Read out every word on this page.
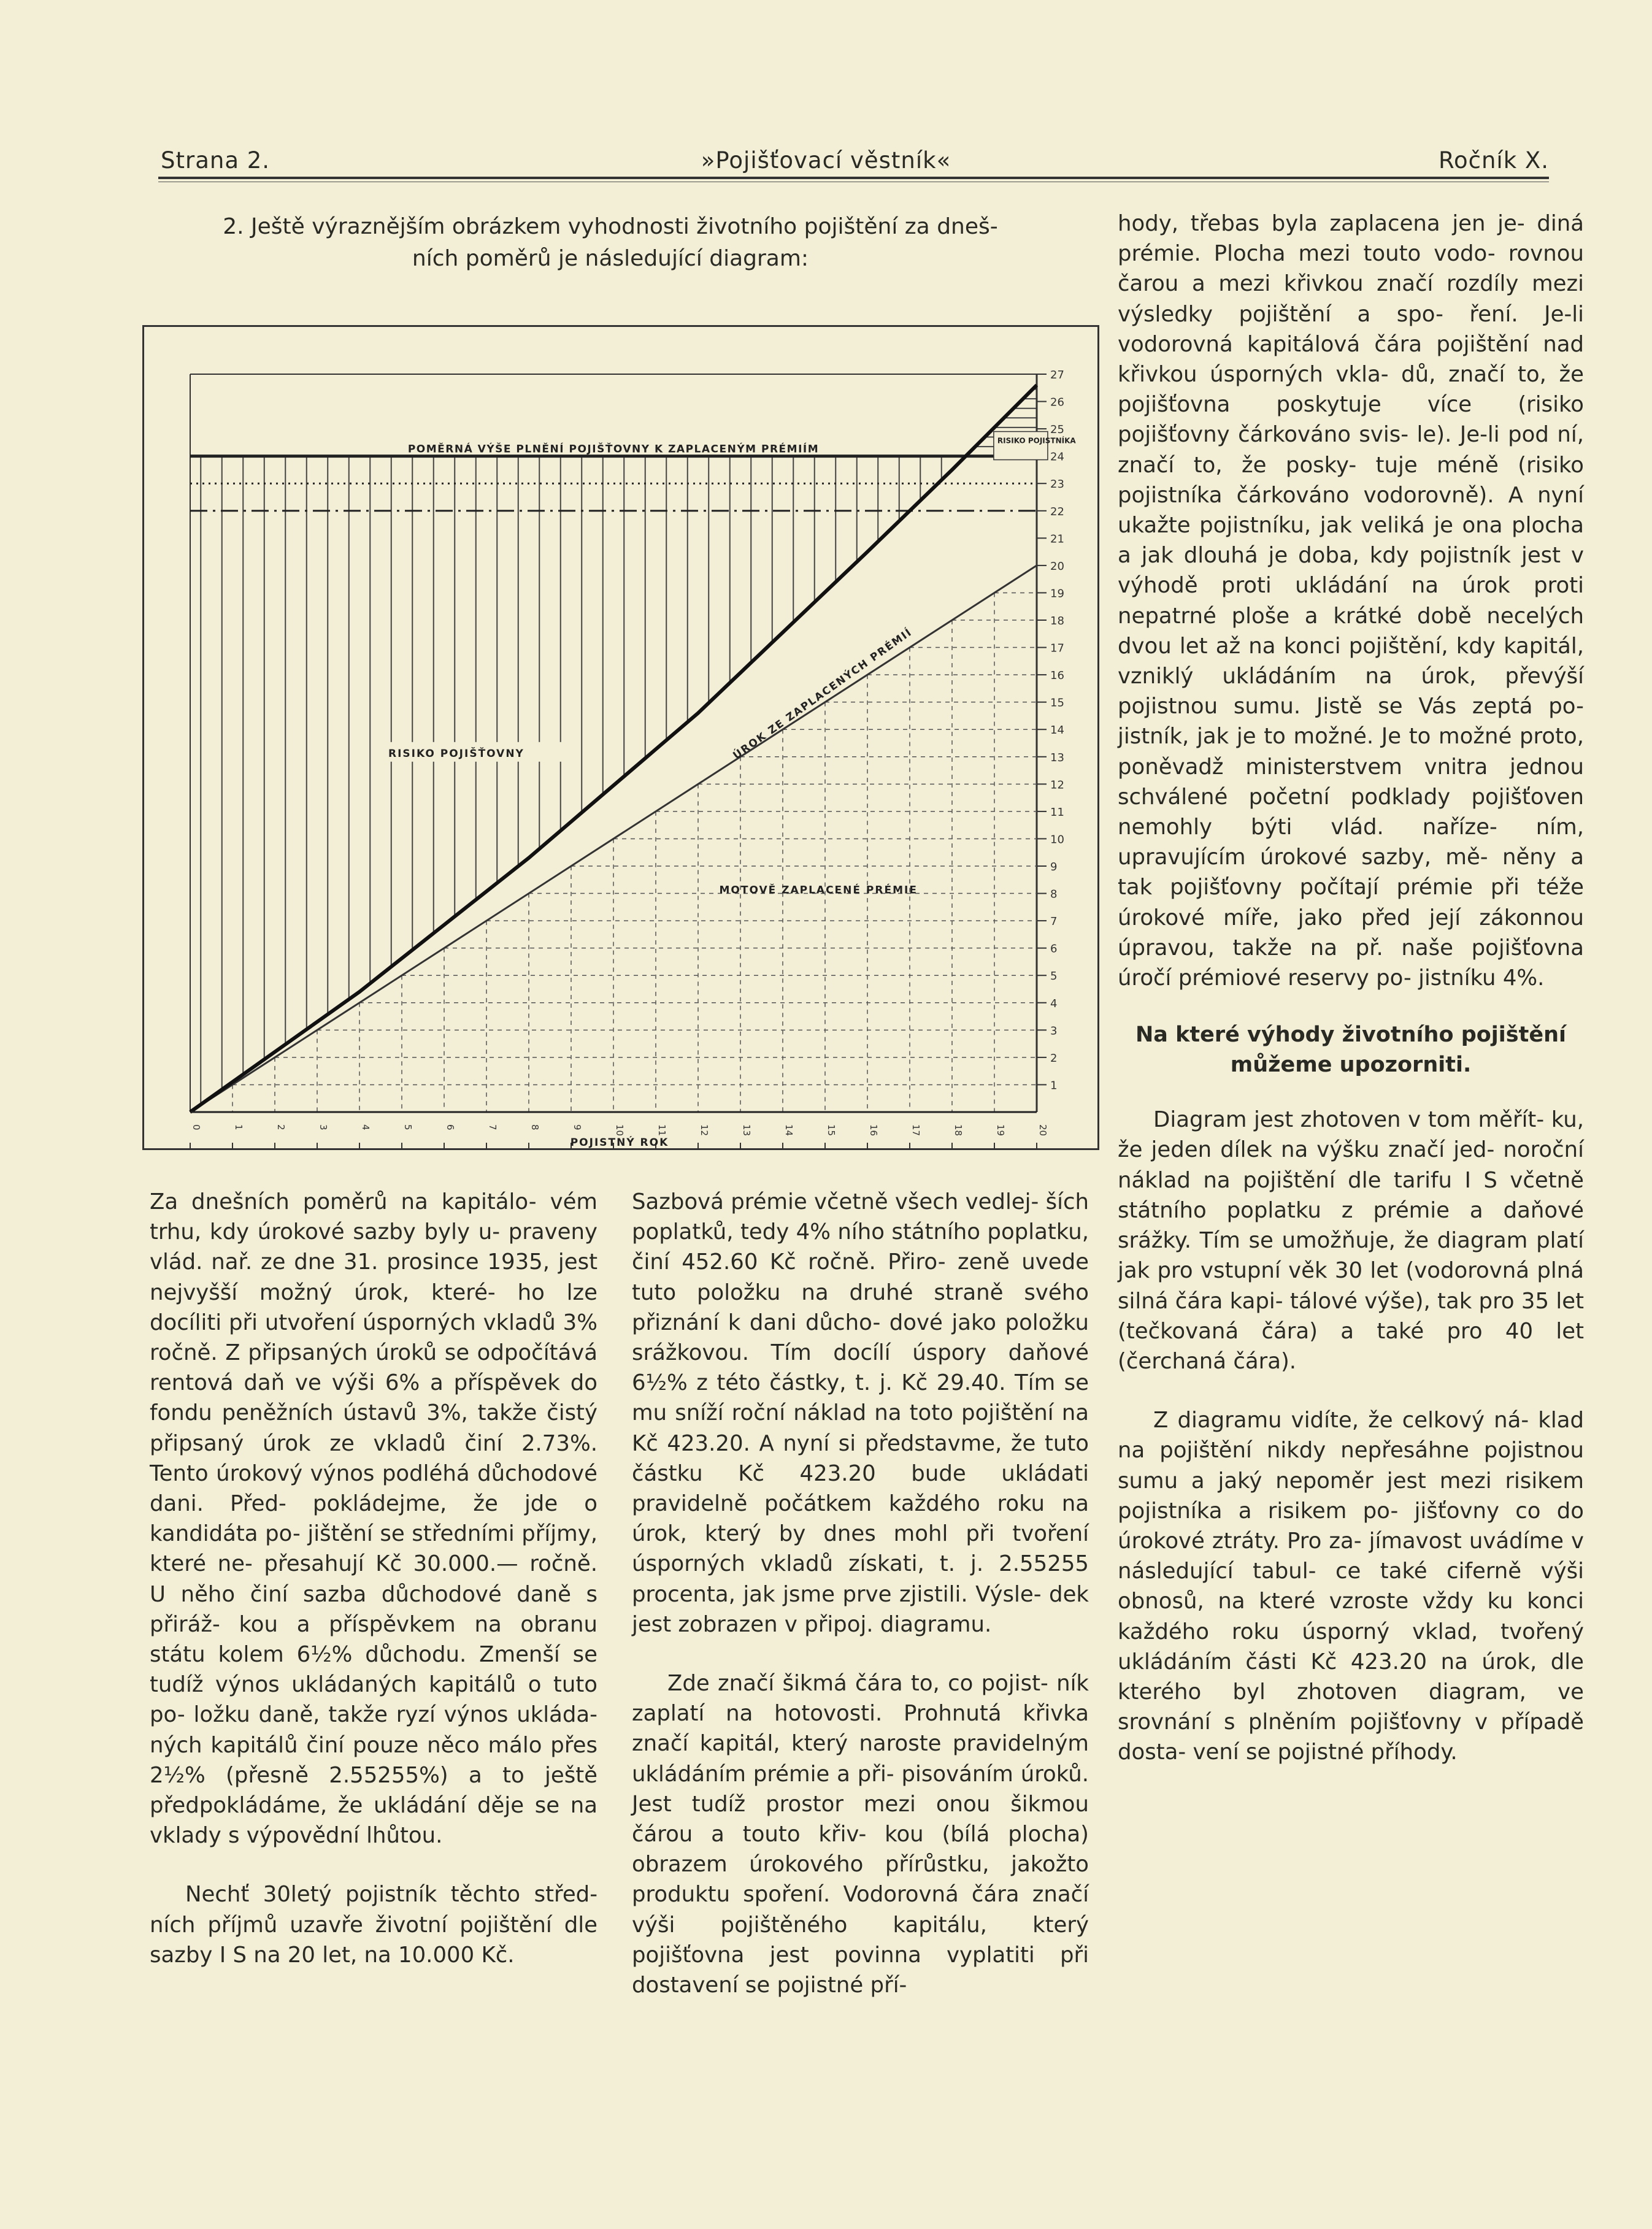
Strana 2.	»Pojišťovací věstník«	Ročník X.
2. Ještě výraznějším obrázkem vyhodnosti životního pojištění za dneš-
ních poměrů je následující diagram:
1
2
3
4
5
6
7
8
9
10
11
12
13
14
15
16
17
18
19
20
21
22
23
24
25
26
27
0	1	2	3	4	5	6	7	8	9	10	11	12	13	14	15	16	17	18	19	20
POJISTNÝ ROK
POMĚRNÁ VÝŠE PLNĚNÍ POJIŠŤOVNY K ZAPLACENÝM PRÉMIÍM
RISIKO POJIŠŤOVNY
RISIKO POJISTNÍKA
ÚROK ZE ZAPLACENÝCH PRÉMIÍ
MOTOVĚ ZAPLACENÉ PRÉMIE

Za dnešních poměrů na kapitálo- vém trhu, kdy úrokové sazby byly u- praveny vlád. nař. ze dne 31. prosince 1935, jest nejvyšší možný úrok, které- ho lze docíliti při utvoření úsporných vkladů 3% ročně. Z připsaných úroků se odpočítává rentová daň ve výši 6% a příspěvek do fondu peněžních ústavů 3%, takže čistý připsaný úrok ze vkladů činí 2.73%. Tento úrokový výnos podléhá důchodové dani. Před- pokládejme, že jde o kandidáta po- jištění se středními příjmy, které ne- přesahují Kč 30.000.— ročně. U něho činí sazba důchodové daně s přiráž- kou a příspěvkem na obranu státu kolem 6½% důchodu. Zmenší se tudíž výnos ukládaných kapitálů o tuto po- ložku daně, takže ryzí výnos ukláda- ných kapitálů činí pouze něco málo přes 2½% (přesně 2.55255%) a to ještě předpokládáme, že ukládání děje se na vklady s výpovědní lhůtou.

Nechť 30letý pojistník těchto střed- ních příjmů uzavře životní pojištění dle sazby I S na 20 let, na 10.000 Kč.

Sazbová prémie včetně všech vedlej- ších poplatků, tedy 4% ního státního poplatku, činí 452.60 Kč ročně. Přiro- zeně uvede tuto položku na druhé straně svého přiznání k dani důcho- dové jako položku srážkovou. Tím docílí úspory daňové 6½% z této částky, t. j. Kč 29.40. Tím se mu sníží roční náklad na toto pojištění na Kč 423.20. A nyní si představme, že tuto částku Kč 423.20 bude ukládati pravidelně počátkem každého roku na úrok, který by dnes mohl při tvoření úsporných vkladů získati, t. j. 2.55255 procenta, jak jsme prve zjistili. Výsle- dek jest zobrazen v připoj. diagramu.

Zde značí šikmá čára to, co pojist- ník zaplatí na hotovosti. Prohnutá křivka značí kapitál, který naroste pravidelným ukládáním prémie a při- pisováním úroků. Jest tudíž prostor mezi onou šikmou čárou a touto křiv- kou (bílá plocha) obrazem úrokového přírůstku, jakožto produktu spoření. Vodorovná čára značí výši pojištěného kapitálu, který pojišťovna jest povinna vyplatiti při dostavení se pojistné pří-

hody, třebas byla zaplacena jen je- diná prémie. Plocha mezi touto vodo- rovnou čarou a mezi křivkou značí rozdíly mezi výsledky pojištění a spo- ření. Je-li vodorovná kapitálová čára pojištění nad křivkou úsporných vkla- dů, značí to, že pojišťovna poskytuje více (risiko pojišťovny čárkováno svis- le). Je-li pod ní, značí to, že posky- tuje méně (risiko pojistníka čárkováno vodorovně). A nyní ukažte pojistníku, jak veliká je ona plocha a jak dlouhá je doba, kdy pojistník jest v výhodě proti ukládání na úrok proti nepatrné ploše a krátké době necelých dvou let až na konci pojištění, kdy kapitál, vzniklý ukládáním na úrok, převýší pojistnou sumu. Jistě se Vás zeptá po- jistník, jak je to možné. Je to možné proto, poněvadž ministerstvem vnitra jednou schválené početní podklady pojišťoven nemohly býti vlád. naříze- ním, upravujícím úrokové sazby, mě- něny a tak pojišťovny počítají prémie při téže úrokové míře, jako před její zákonnou úpravou, takže na př. naše pojišťovna úročí prémiové reservy po- jistníku 4%.

Na které výhody životního pojištění můžeme upozorniti.

Diagram jest zhotoven v tom měřít- ku, že jeden dílek na výšku značí jed- noroční náklad na pojištění dle tarifu I S včetně státního poplatku z prémie a daňové srážky. Tím se umožňuje, že diagram platí jak pro vstupní věk 30 let (vodorovná plná silná čára kapi- tálové výše), tak pro 35 let (tečkovaná čára) a také pro 40 let (čerchaná čára).

Z diagramu vidíte, že celkový ná- klad na pojištění nikdy nepřesáhne pojistnou sumu a jaký nepoměr jest mezi risikem pojistníka a risikem po- jišťovny co do úrokové ztráty. Pro za- jímavost uvádíme v následující tabul- ce také ciferně výši obnosů, na které vzroste vždy ku konci každého roku úsporný vklad, tvořený ukládáním části Kč 423.20 na úrok, dle kterého byl zhotoven diagram, ve srovnání s plněním pojišťovny v případě dosta- vení se pojistné příhody.
